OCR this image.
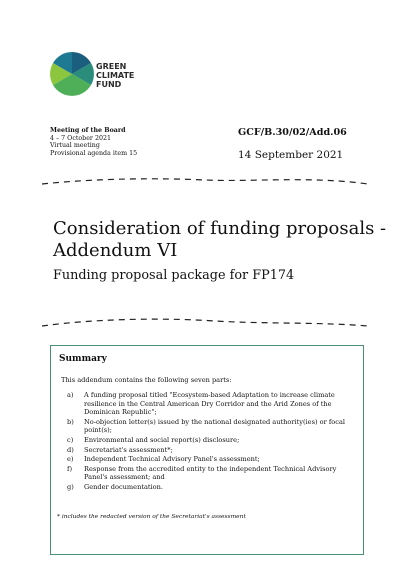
GREEN
CLIMATE
FUND
Meeting of the Board
4 – 7 October 2021
Virtual meeting
Provisional agenda item 15
GCF/B.30/02/Add.06
14 September 2021
Consideration of funding proposals -
Addendum VI
Funding proposal package for FP174
Summary
This addendum contains the following seven parts:
a)	A funding proposal titled "Ecosystem-based Adaptation to increase climate resilience in the Central American Dry Corridor and the Arid Zones of the Dominican Republic";
b)	No-objection letter(s) issued by the national designated authority(ies) or focal point(s);
c)	Environmental and social report(s) disclosure;
d)	Secretariat's assessment*;
e)	Independent Technical Advisory Panel's assessment;
f)	Response from the accredited entity to the independent Technical Advisory Panel's assessment; and
g)	Gender documentation.
* includes the redacted version of the Secretariat's assessment
